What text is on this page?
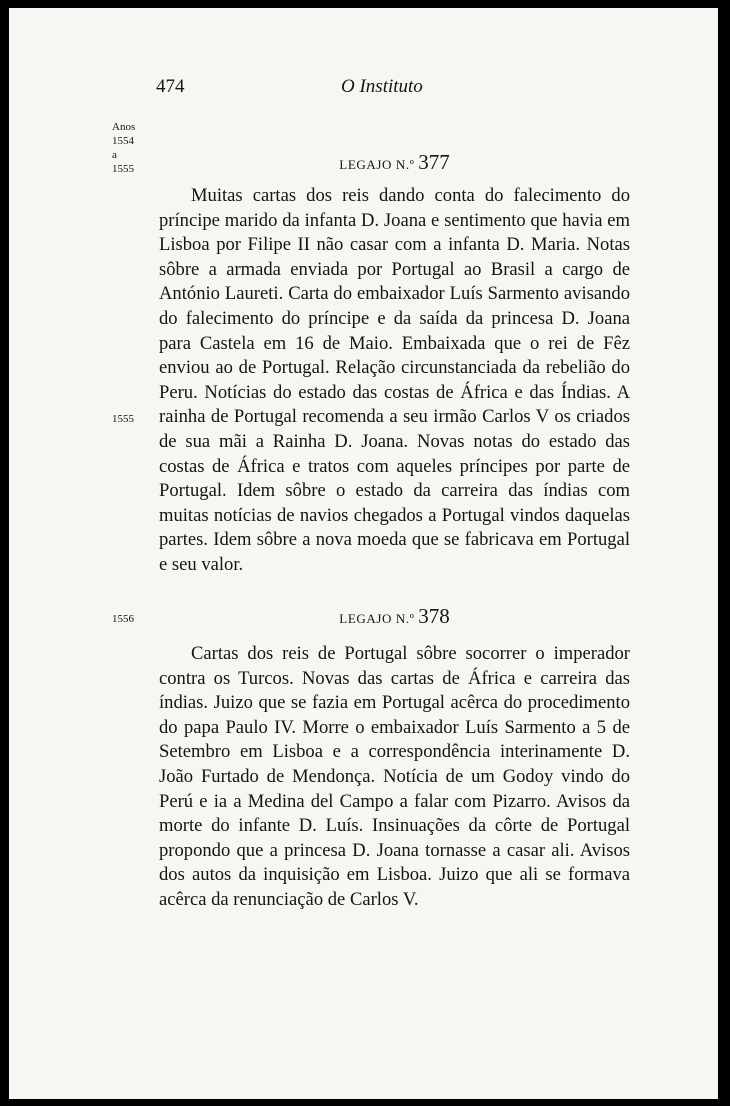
474	O Instituto
Anos
1554
a
1555	LEGAJO N.º 377

Muitas cartas dos reis dando conta do falecimento do príncipe marido da infanta D. Joana e sentimento que havia em Lisboa por Filipe II não casar com a infanta D. Maria. Notas sôbre a armada enviada por Portugal ao Brasil a cargo de António Laureti. Carta do embaixador Luís Sarmento avisando do falecimento do príncipe e da saída da princesa D. Joana para Castela em 16 de Maio. Embaixada que o rei de Fêz enviou ao de Portugal. Relação circunstanciada da rebelião do Peru. Notícias do estado das costas de África e das Índias. A rainha de Portugal recomenda a seu irmão Carlos V os criados de sua mãi a Rainha D. Joana. Novas notas do estado das costas de África e tratos com aqueles príncipes por parte de Portugal. Idem sôbre o estado da carreira das índias com muitas notícias de navios chegados a Portugal vindos daquelas partes. Idem sôbre a nova moeda que se fabricava em Portugal e seu valor.

1555
1556	LEGAJO N.º 378

Cartas dos reis de Portugal sôbre socorrer o imperador contra os Turcos. Novas das cartas de África e carreira das índias. Juizo que se fazia em Portugal acêrca do procedimento do papa Paulo IV. Morre o embaixador Luís Sarmento a 5 de Setembro em Lisboa e a correspondência interinamente D. João Furtado de Mendonça. Notícia de um Godoy vindo do Perú e ia a Medina del Campo a falar com Pizarro. Avisos da morte do infante D. Luís. Insinuações da côrte de Portugal propondo que a princesa D. Joana tornasse a casar ali. Avisos dos autos da inquisição em Lisboa. Juizo que ali se formava acêrca da renunciação de Carlos V.
